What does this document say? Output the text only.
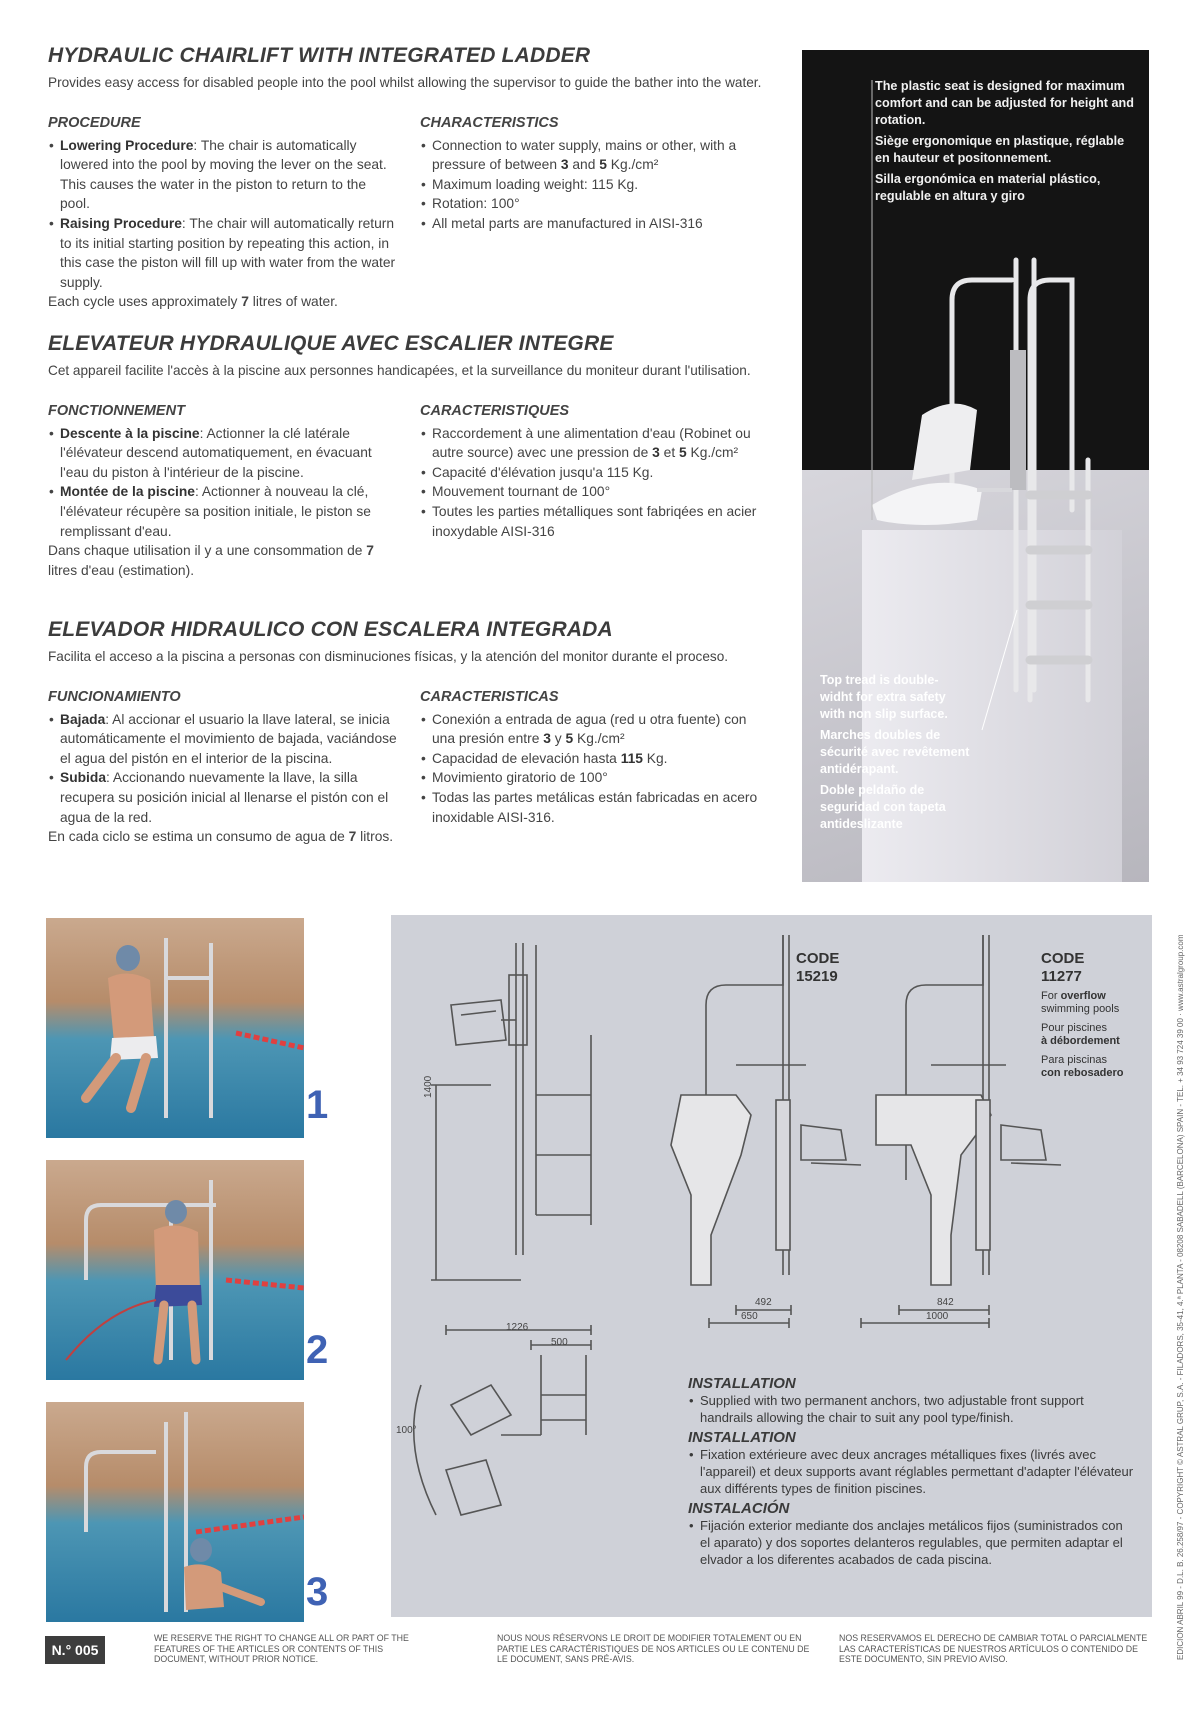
HYDRAULIC CHAIRLIFT WITH INTEGRATED LADDER
Provides easy access for disabled people into the pool whilst allowing the supervisor to guide the bather into the water.
PROCEDURE
• Lowering Procedure: The chair is automatically lowered into the pool by moving the lever on the seat. This causes the water in the piston to return to the pool.
• Raising Procedure: The chair will automatically return to its initial starting position by repeating this action, in this case the piston will fill up with water from the water supply.
Each cycle uses approximately 7 litres of water.
CHARACTERISTICS
• Connection to water supply, mains or other, with a pressure of between 3 and 5 Kg./cm²
• Maximum loading weight: 115 Kg.
• Rotation: 100°
• All metal parts are manufactured in AISI-316
ELEVATEUR HYDRAULIQUE AVEC ESCALIER INTEGRE
Cet appareil facilite l'accès à la piscine aux personnes handicapées, et la surveillance du moniteur durant l'utilisation.
FONCTIONNEMENT
• Descente à la piscine: Actionner la clé latérale l'élévateur descend automatiquement, en évacuant l'eau du piston à l'intérieur de la piscine.
• Montée de la piscine: Actionner à nouveau la clé, l'élévateur récupère sa position initiale, le piston se remplissant d'eau.
Dans chaque utilisation il y a une consommation de 7 litres d'eau (estimation).
CARACTERISTIQUES
• Raccordement à une alimentation d'eau (Robinet ou autre source) avec une pression de 3 et 5 Kg./cm²
• Capacité d'élévation jusqu'a 115 Kg.
• Mouvement tournant de 100°
• Toutes les parties métalliques sont fabriqées en acier inoxydable AISI-316
ELEVADOR HIDRAULICO CON ESCALERA INTEGRADA
Facilita el acceso a la piscina a personas con disminuciones físicas, y la atención del monitor durante el proceso.
FUNCIONAMIENTO
• Bajada: Al accionar el usuario la llave lateral, se inicia automáticamente el movimiento de bajada, vaciándose el agua del pistón en el interior de la piscina.
• Subida: Accionando nuevamente la llave, la silla recupera su posición inicial al llenarse el pistón con el agua de la red.
En cada ciclo se estima un consumo de agua de 7 litros.
CARACTERISTICAS
• Conexión a entrada de agua (red u otra fuente) con una presión entre 3 y 5 Kg./cm²
• Capacidad de elevación hasta 115 Kg.
• Movimiento giratorio de 100°
• Todas las partes metálicas están fabricadas en acero inoxidable AISI-316.
The plastic seat is designed for maximum comfort and can be adjusted for height and rotation.
Siège ergonomique en plastique, réglable en hauteur et positonnement.
Silla ergonómica en material plástico, regulable en altura y giro
Top tread is double-widht for extra safety with non slip surface.
Marches doubles de sécurité avec revêtement antidérapant.
Doble peldaño de seguridad con tapeta antideslizante
1
2
3
1400
492
650
842
1000
1226
500
100°
CODE
15219
CODE
11277
For overflow swimming pools
Pour piscines
à débordement
Para piscinas
con rebosadero
INSTALLATION
• Supplied with two permanent anchors, two adjustable front support handrails allowing the chair to suit any pool type/finish.
INSTALLATION
• Fixation extérieure avec deux ancrages métalliques fixes (livrés avec l'appareil) et deux supports avant réglables permettant d'adapter l'élévateur aux différents types de finition piscines.
INSTALACIÓN
• Fijación exterior mediante dos anclajes metálicos fijos (suministrados con el aparato) y dos soportes delanteros regulables, que permiten adaptar el elvador a los diferentes acabados de cada piscina.
N.° 005
WE RESERVE THE RIGHT TO CHANGE ALL OR PART OF THE FEATURES OF THE ARTICLES OR CONTENTS OF THIS DOCUMENT, WITHOUT PRIOR NOTICE.
NOUS NOUS RÉSERVONS LE DROIT DE MODIFIER TOTALEMENT OU EN PARTIE LES CARACTÉRISTIQUES DE NOS ARTICLES OU LE CONTENU DE LE DOCUMENT, SANS PRÉ-AVIS.
NOS RESERVAMOS EL DERECHO DE CAMBIAR TOTAL O PARCIALMENTE LAS CARACTERÍSTICAS DE NUESTROS ARTÍCULOS O CONTENIDO DE ESTE DOCUMENTO, SIN PREVIO AVISO.	EDICION ABRIL 99 - D.L. B. 26.258/97 - COPYRIGHT © ASTRAL GRUP, S.A. - FILADORS, 35-41, 4.ª PLANTA - 08208 SABADELL (BARCELONA) SPAIN - TEL. + 34 93 724 39 00 · www.astralgroup.com
